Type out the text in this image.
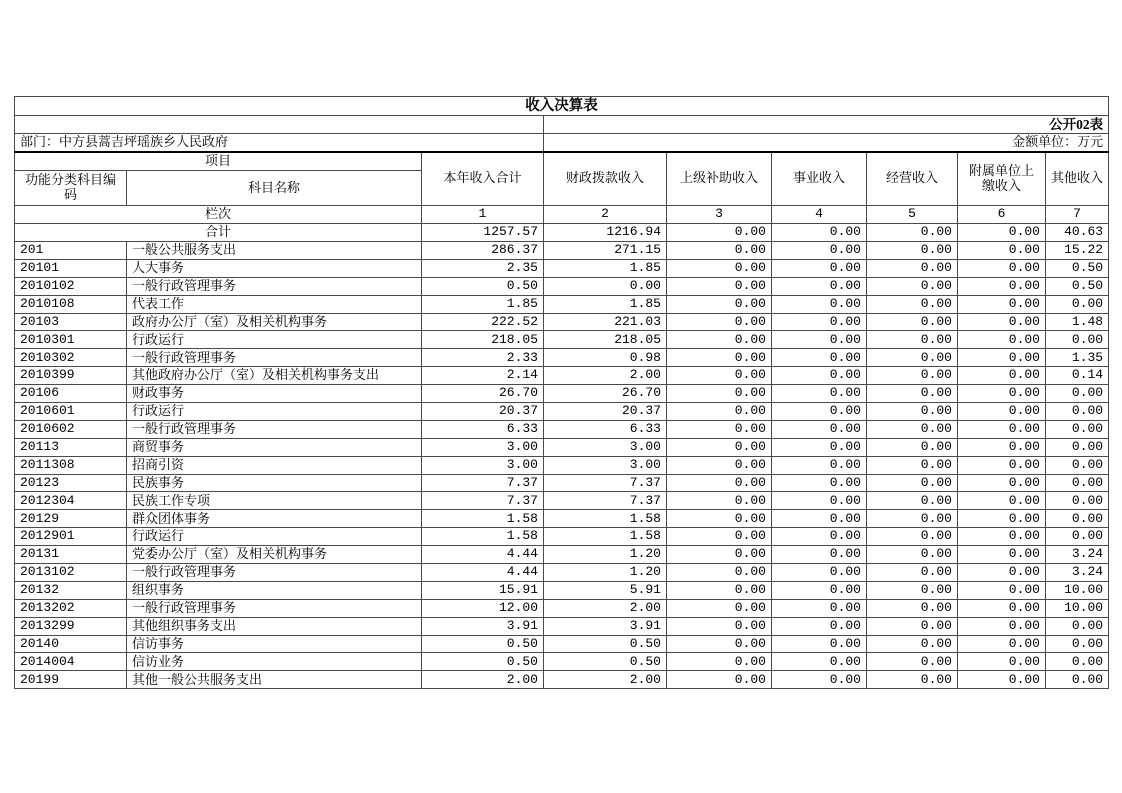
收入决算表								
			公开02表					
部门：中方县蒿吉坪瑶族乡人民政府			金额单位：万元					
项目		本年收入合计	财政拨款收入	上级补助收入	事业收入	经营收入	附属单位上缴收入	其他收入
功能分类科目编码	科目名称							
栏次		1	2	3	4	5	6	7
合计		1257.57	1216.94	0.00	0.00	0.00	0.00	40.63
201	一般公共服务支出	286.37	271.15	0.00	0.00	0.00	0.00	15.22
20101	人大事务	2.35	1.85	0.00	0.00	0.00	0.00	0.50
2010102	一般行政管理事务	0.50	0.00	0.00	0.00	0.00	0.00	0.50
2010108	代表工作	1.85	1.85	0.00	0.00	0.00	0.00	0.00
20103	政府办公厅（室）及相关机构事务	222.52	221.03	0.00	0.00	0.00	0.00	1.48
2010301	行政运行	218.05	218.05	0.00	0.00	0.00	0.00	0.00
2010302	一般行政管理事务	2.33	0.98	0.00	0.00	0.00	0.00	1.35
2010399	其他政府办公厅（室）及相关机构事务支出	2.14	2.00	0.00	0.00	0.00	0.00	0.14
20106	财政事务	26.70	26.70	0.00	0.00	0.00	0.00	0.00
2010601	行政运行	20.37	20.37	0.00	0.00	0.00	0.00	0.00
2010602	一般行政管理事务	6.33	6.33	0.00	0.00	0.00	0.00	0.00
20113	商贸事务	3.00	3.00	0.00	0.00	0.00	0.00	0.00
2011308	招商引资	3.00	3.00	0.00	0.00	0.00	0.00	0.00
20123	民族事务	7.37	7.37	0.00	0.00	0.00	0.00	0.00
2012304	民族工作专项	7.37	7.37	0.00	0.00	0.00	0.00	0.00
20129	群众团体事务	1.58	1.58	0.00	0.00	0.00	0.00	0.00
2012901	行政运行	1.58	1.58	0.00	0.00	0.00	0.00	0.00
20131	党委办公厅（室）及相关机构事务	4.44	1.20	0.00	0.00	0.00	0.00	3.24
2013102	一般行政管理事务	4.44	1.20	0.00	0.00	0.00	0.00	3.24
20132	组织事务	15.91	5.91	0.00	0.00	0.00	0.00	10.00
2013202	一般行政管理事务	12.00	2.00	0.00	0.00	0.00	0.00	10.00
2013299	其他组织事务支出	3.91	3.91	0.00	0.00	0.00	0.00	0.00
20140	信访事务	0.50	0.50	0.00	0.00	0.00	0.00	0.00
2014004	信访业务	0.50	0.50	0.00	0.00	0.00	0.00	0.00
20199	其他一般公共服务支出	2.00	2.00	0.00	0.00	0.00	0.00	0.00
